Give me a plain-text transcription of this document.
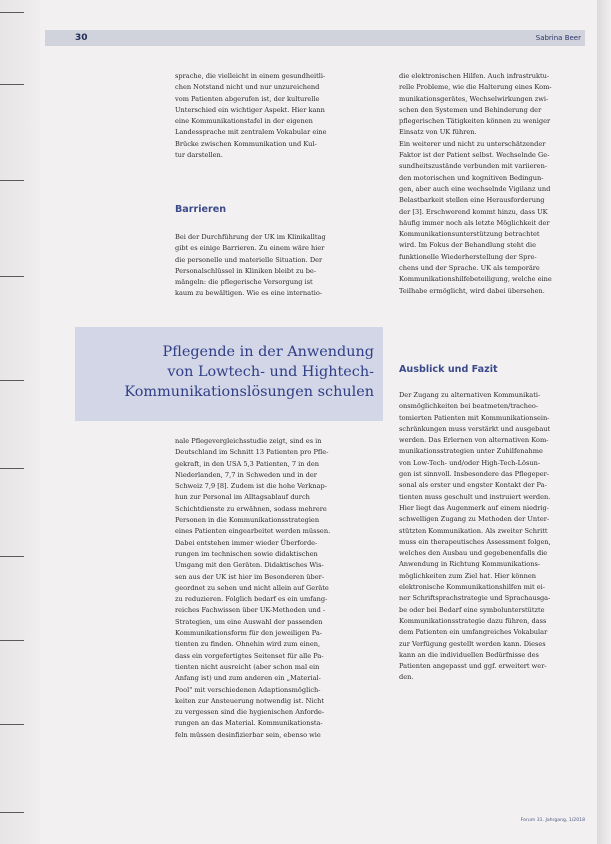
30	Sabrina Beer
sprache, die vielleicht in einem gesundheitli-
chen Notstand nicht und nur unzureichend
vom Patienten abgerufen ist, der kulturelle
Unterschied ein wichtiger Aspekt. Hier kann
eine Kommunikationstafel in der eigenen
Landessprache mit zentralem Vokabular eine
Brücke zwischen Kommunikation und Kul-
tur darstellen.
Barrieren
Bei der Durchführung der UK im Klinikalltag
gibt es einige Barrieren. Zu einem wäre hier
die personelle und materielle Situation. Der
Personalschlüssel in Kliniken bleibt zu be-
mängeln: die pflegerische Versorgung ist
kaum zu bewältigen. Wie es eine internatio-
Pflegende in der Anwendung
von Lowtech- und Hightech-
Kommunikationslösungen schulen
nale Pflegevergleichsstudie zeigt, sind es in
Deutschland im Schnitt 13 Patienten pro Pfle-
gekraft, in den USA 5,3 Patienten, 7 in den
Niederlanden, 7,7 in Schweden und in der
Schweiz 7,9 [8]. Zudem ist die hohe Verknap-
hun zur Personal im Alltagsablauf durch
Schichtdienste zu erwähnen, sodass mehrere
Personen in die Kommunikationsstrategien
eines Patienten eingearbeitet werden müssen.
Dabei entstehen immer wieder Überforde-
rungen im technischen sowie didaktischen
Umgang mit den Geräten. Didaktisches Wis-
sen aus der UK ist hier im Besonderen über-
geordnet zu sehen und nicht allein auf Geräte
zu reduzieren. Folglich bedarf es ein umfang-
reiches Fachwissen über UK-Methoden und -
Strategien, um eine Auswahl der passenden
Kommunikationsform für den jeweiligen Pa-
tienten zu finden. Ohnehin wird zum einen,
dass ein vorgefertigtes Seitenset für alle Pa-
tienten nicht ausreicht (aber schon mal ein
Anfang ist) und zum anderen ein „Material-
Pool" mit verschiedenen Adaptionsmöglich-
keiten zur Ansteuerung notwendig ist. Nicht
zu vergessen sind die hygienischen Anforde-
rungen an das Material. Kommunikationsta-
feln müssen desinfizierbar sein, ebenso wie
die elektronischen Hilfen. Auch infrastruktu-
relle Probleme, wie die Halterung eines Kom-
munikationsgerätes, Wechselwirkungen zwi-
schen den Systemen und Behinderung der
pflegerischen Tätigkeiten können zu weniger
Einsatz von UK führen.
Ein weiterer und nicht zu unterschätzender
Faktor ist der Patient selbst. Wechselnde Ge-
sundheitszustände verbunden mit variieren-
den motorischen und kognitiven Bedingun-
gen, aber auch eine wechselnde Vigilanz und
Belastbarkeit stellen eine Herausforderung
der [3]. Erschwerend kommt hinzu, dass UK
häufig immer noch als letzte Möglichkeit der
Kommunikationsunterstützung betrachtet
wird. Im Fokus der Behandlung steht die
funktionelle Wiederherstellung der Spre-
chens und der Sprache. UK als temporäre
Kommunikationshilfebeteiligung, welche eine
Teilhabe ermöglicht, wird dabei übersehen.
Ausblick und Fazit
Der Zugang zu alternativen Kommunikati-
onsmöglichkeiten bei beatmeten/tracheo-
tomierten Patienten mit Kommunikationsein-
schränkungen muss verstärkt und ausgebaut
werden. Das Erlernen von alternativen Kom-
munikationsstrategien unter Zuhilfenahme
von Low-Tech- und/oder High-Tech-Lösun-
gen ist sinnvoll. Insbesondere das Pflegeper-
sonal als erster und engster Kontakt der Pa-
tienten muss geschult und instruiert werden.
Hier liegt das Augenmerk auf einem niedrig-
schwelligen Zugang zu Methoden der Unter-
stützten Kommunikation. Als zweiter Schritt
muss ein therapeutisches Assessment folgen,
welches den Ausbau und gegebenenfalls die
Anwendung in Richtung Kommunikations-
möglichkeiten zum Ziel hat. Hier können
elektronische Kommunikationshilfen mit ei-
ner Schriftsprachstrategie und Sprachausga-
be oder bei Bedarf eine symbolunterstützte
Kommunikationsstrategie dazu führen, dass
dem Patienten ein umfangreiches Vokabular
zur Verfügung gestellt werden kann. Dieses
kann an die individuellen Bedürfnisse des
Patienten angepasst und ggf. erweitert wer-
den.
Forum 31. Jahrgang, 1/2018
